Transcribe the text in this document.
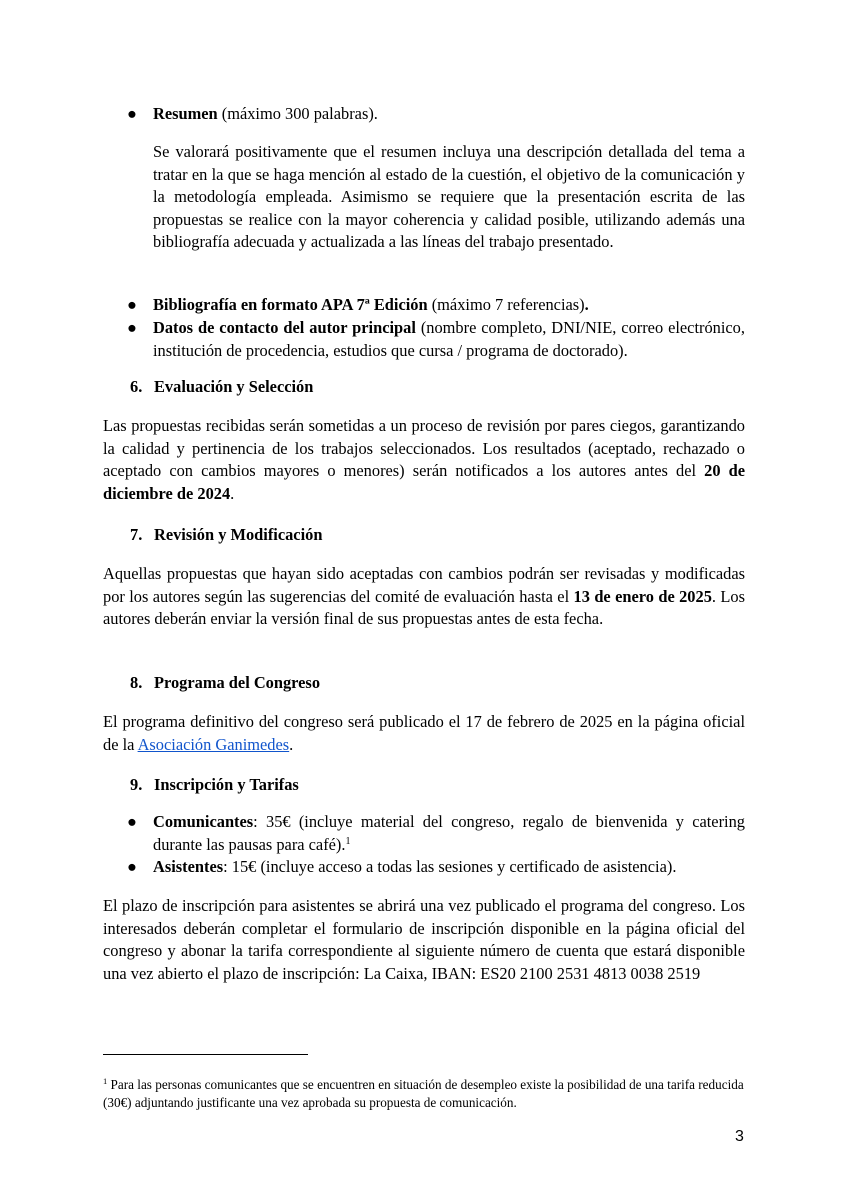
● Resumen (máximo 300 palabras).

Se valorará positivamente que el resumen incluya una descripción detallada del tema a tratar en la que se haga mención al estado de la cuestión, el objetivo de la comunicación y la metodología empleada. Asimismo se requiere que la presentación escrita de las propuestas se realice con la mayor coherencia y calidad posible, utilizando además una bibliografía adecuada y actualizada a las líneas del trabajo presentado.

● Bibliografía en formato APA 7ª Edición (máximo 7 referencias).
● Datos de contacto del autor principal (nombre completo, DNI/NIE, correo electrónico, institución de procedencia, estudios que cursa / programa de doctorado).
6. Evaluación y Selección

Las propuestas recibidas serán sometidas a un proceso de revisión por pares ciegos, garantizando la calidad y pertinencia de los trabajos seleccionados. Los resultados (aceptado, rechazado o aceptado con cambios mayores o menores) serán notificados a los autores antes del 20 de diciembre de 2024.

7. Revisión y Modificación

Aquellas propuestas que hayan sido aceptadas con cambios podrán ser revisadas y modificadas por los autores según las sugerencias del comité de evaluación hasta el 13 de enero de 2025. Los autores deberán enviar la versión final de sus propuestas antes de esta fecha.

8. Programa del Congreso

El programa definitivo del congreso será publicado el 17 de febrero de 2025 en la página oficial de la Asociación Ganimedes.

9. Inscripción y Tarifas
● Comunicantes: 35€ (incluye material del congreso, regalo de bienvenida y catering durante las pausas para café).$^1$
● Asistentes: 15€ (incluye acceso a todas las sesiones y certificado de asistencia).

El plazo de inscripción para asistentes se abrirá una vez publicado el programa del congreso. Los interesados deberán completar el formulario de inscripción disponible en la página oficial del congreso y abonar la tarifa correspondiente al siguiente número de cuenta que estará disponible una vez abierto el plazo de inscripción: La Caixa, IBAN: ES20 2100 2531 4813 0038 2519

$^1$ Para las personas comunicantes que se encuentren en situación de desempleo existe la posibilidad de una tarifa reducida (30€) adjuntando justificante una vez aprobada su propuesta de comunicación.

3
